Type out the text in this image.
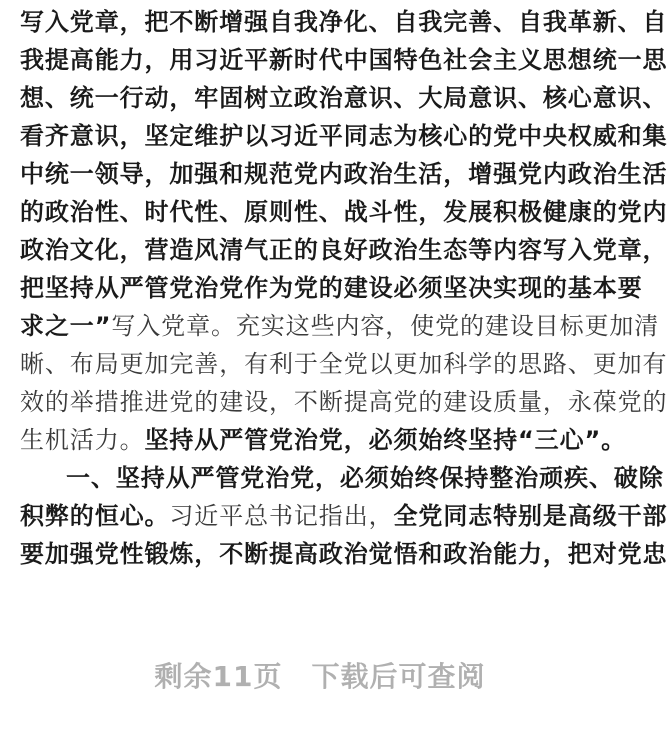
写入党章，把不断增强自我净化、自我完善、自我革新、自
我提高能力，用习近平新时代中国特色社会主义思想统一思
想、统一行动，牢固树立政治意识、大局意识、核心意识、
看齐意识，坚定维护以习近平同志为核心的党中央权威和集
中统一领导，加强和规范党内政治生活，增强党内政治生活
的政治性、时代性、原则性、战斗性，发展积极健康的党内
政治文化，营造风清气正的良好政治生态等内容写入党章，
把坚持从严管党治党作为党的建设必须坚决实现的基本要
求之一”写入党章。充实这些内容，使党的建设目标更加清
晰、布局更加完善，有利于全党以更加科学的思路、更加有
效的举措推进党的建设，不断提高党的建设质量，永葆党的
生机活力。坚持从严管党治党，必须始终坚持“三心”。
一、坚持从严管党治党，必须始终保持整治顽疾、破除
积弊的恒心。习近平总书记指出，全党同志特别是高级干部
要加强党性锻炼，不断提高政治觉悟和政治能力，把对党忠
剩余11页　下载后可查阅
